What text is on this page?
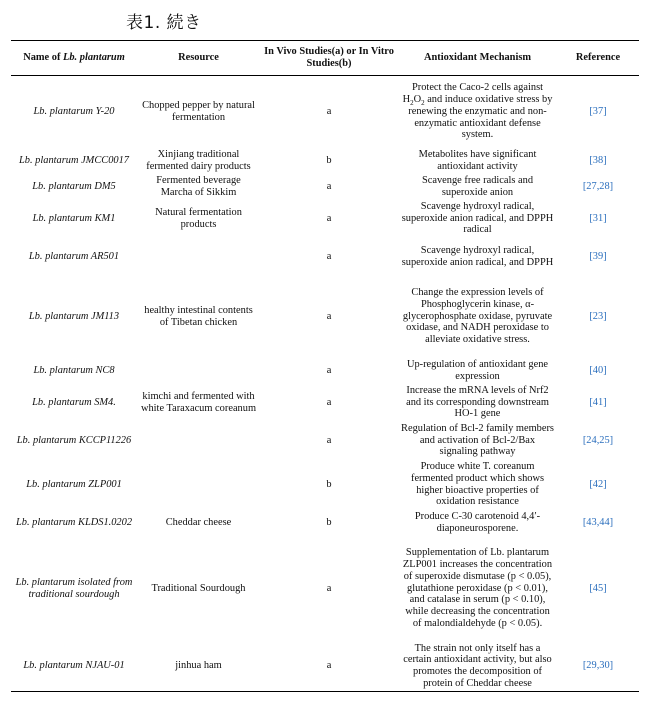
表1. 続き
Name of Lb. plantarum	Resource	In Vivo Studies(a) or In Vitro Studies(b)	Antioxidant Mechanism	Reference
Lb. plantarum Y-20	Chopped pepper by natural fermentation	a	Protect the Caco-2 cells against $H_2O_2$ and induce oxidative stress by renewing the enzymatic and non-enzymatic antioxidant defense system.	[37]
Lb. plantarum JMCC0017	Xinjiang traditional fermented dairy products	b	Metabolites have significant antioxidant activity	[38]
Lb. plantarum DM5	Fermented beverage Marcha of Sikkim	a	Scavenge free radicals and superoxide anion	[27,28]
Lb. plantarum KM1	Natural fermentation products	a	Scavenge hydroxyl radical, superoxide anion radical, and DPPH radical	[31]
Lb. plantarum AR501		a	Scavenge hydroxyl radical, superoxide anion radical, and DPPH	[39]
Lb. plantarum JM113	healthy intestinal contents of Tibetan chicken	a	Change the expression levels of Phosphoglycerin kinase, α-glycerophosphate oxidase, pyruvate oxidase, and NADH peroxidase to alleviate oxidative stress.	[23]
Lb. plantarum NC8		a	Up-regulation of antioxidant gene expression	[40]
Lb. plantarum SM4.	kimchi and fermented with white Taraxacum coreanum	a	Increase the mRNA levels of Nrf2 and its corresponding downstream HO-1 gene	[41]
Lb. plantarum KCCP11226		a	Regulation of Bcl-2 family members and activation of Bcl-2/Bax signaling pathway	[24,25]
Lb. plantarum ZLP001		b	Produce white T. coreanum fermented product which shows higher bioactive properties of oxidation resistance	[42]
Lb. plantarum KLDS1.0202	Cheddar cheese	b	Produce C-30 carotenoid 4,4′-diaponeurosporene.	[43,44]
Lb. plantarum isolated from traditional sourdough	Traditional Sourdough	a	Supplementation of Lb. plantarum ZLP001 increases the concentration of superoxide dismutase (p < 0.05), glutathione peroxidase (p < 0.01), and catalase in serum (p < 0.10), while decreasing the concentration of malondialdehyde (p < 0.05).	[45]
Lb. plantarum NJAU-01	jinhua ham	a	The strain not only itself has a certain antioxidant activity, but also promotes the decomposition of protein of Cheddar cheese	[29,30]
